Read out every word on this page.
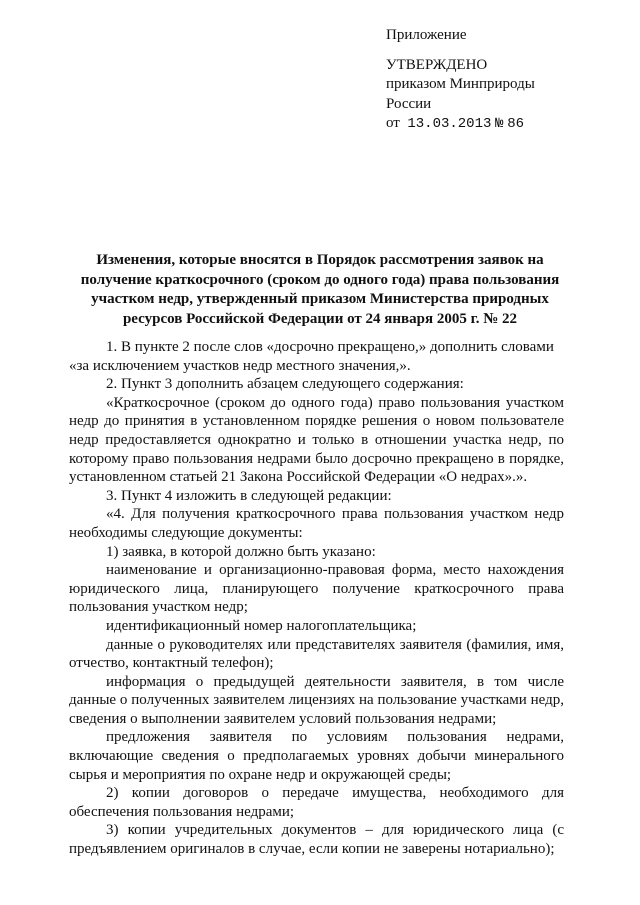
Приложение
УТВЕРЖДЕНО
приказом Минприроды
России
от 13.03.2013 № 86
Изменения, которые вносятся в Порядок рассмотрения заявок на
получение краткосрочного (сроком до одного года) права пользования
участком недр, утвержденный приказом Министерства природных
ресурсов Российской Федерации от 24 января 2005 г. № 22

1. В пункте 2 после слов «досрочно прекращено,» дополнить словами

«за исключением участков недр местного значения,».

2. Пункт 3 дополнить абзацем следующего содержания:

«Краткосрочное (сроком до одного года) право пользования участком недр до принятия в установленном порядке решения о новом пользователе недр предоставляется однократно и только в отношении участка недр, по которому право пользования недрами было досрочно прекращено в порядке, установленном статьей 21 Закона Российской Федерации «О недрах».».

3. Пункт 4 изложить в следующей редакции:

«4. Для получения краткосрочного права пользования участком недр необходимы следующие документы:

1) заявка, в которой должно быть указано:

наименование и организационно-правовая форма, место нахождения юридического лица, планирующего получение краткосрочного права пользования участком недр;

идентификационный номер налогоплательщика;

данные о руководителях или представителях заявителя (фамилия, имя, отчество, контактный телефон);

информация о предыдущей деятельности заявителя, в том числе данные о полученных заявителем лицензиях на пользование участками недр, сведения о выполнении заявителем условий пользования недрами;

предложения заявителя по условиям пользования недрами, включающие сведения о предполагаемых уровнях добычи минерального сырья и мероприятия по охране недр и окружающей среды;

2) копии договоров о передаче имущества, необходимого для обеспечения пользования недрами;

3) копии учредительных документов – для юридического лица (с предъявлением оригиналов в случае, если копии не заверены нотариально);
